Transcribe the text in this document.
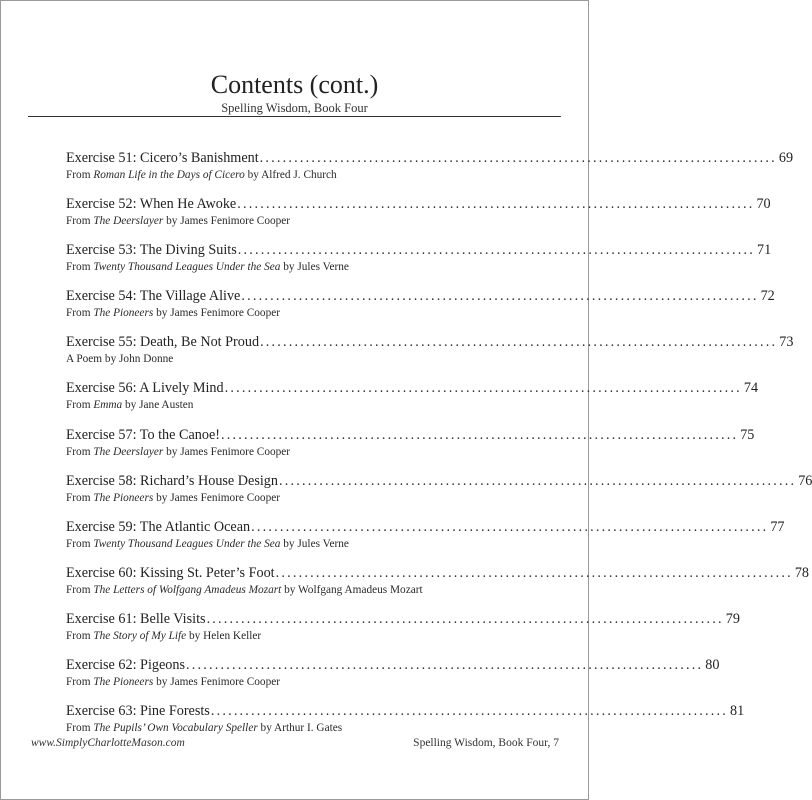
Contents (cont.)
Spelling Wisdom, Book Four
Exercise 51: Cicero’s Banishment .......................................................................................... 69
From Roman Life in the Days of Cicero by Alfred J. Church
Exercise 52: When He Awoke .......................................................................................... 70
From The Deerslayer by James Fenimore Cooper
Exercise 53: The Diving Suits .......................................................................................... 71
From Twenty Thousand Leagues Under the Sea by Jules Verne
Exercise 54: The Village Alive .......................................................................................... 72
From The Pioneers by James Fenimore Cooper
Exercise 55: Death, Be Not Proud .......................................................................................... 73
A Poem by John Donne
Exercise 56: A Lively Mind .......................................................................................... 74
From Emma by Jane Austen
Exercise 57: To the Canoe! .......................................................................................... 75
From The Deerslayer by James Fenimore Cooper
Exercise 58: Richard’s House Design .......................................................................................... 76
From The Pioneers by James Fenimore Cooper
Exercise 59: The Atlantic Ocean .......................................................................................... 77
From Twenty Thousand Leagues Under the Sea by Jules Verne
Exercise 60: Kissing St. Peter’s Foot .......................................................................................... 78
From The Letters of Wolfgang Amadeus Mozart by Wolfgang Amadeus Mozart
Exercise 61: Belle Visits .......................................................................................... 79
From The Story of My Life by Helen Keller
Exercise 62: Pigeons .......................................................................................... 80
From The Pioneers by James Fenimore Cooper
Exercise 63: Pine Forests .......................................................................................... 81
From The Pupils’ Own Vocabulary Speller by Arthur I. Gates
www.SimplyCharlotteMason.com	Spelling Wisdom, Book Four, 7
